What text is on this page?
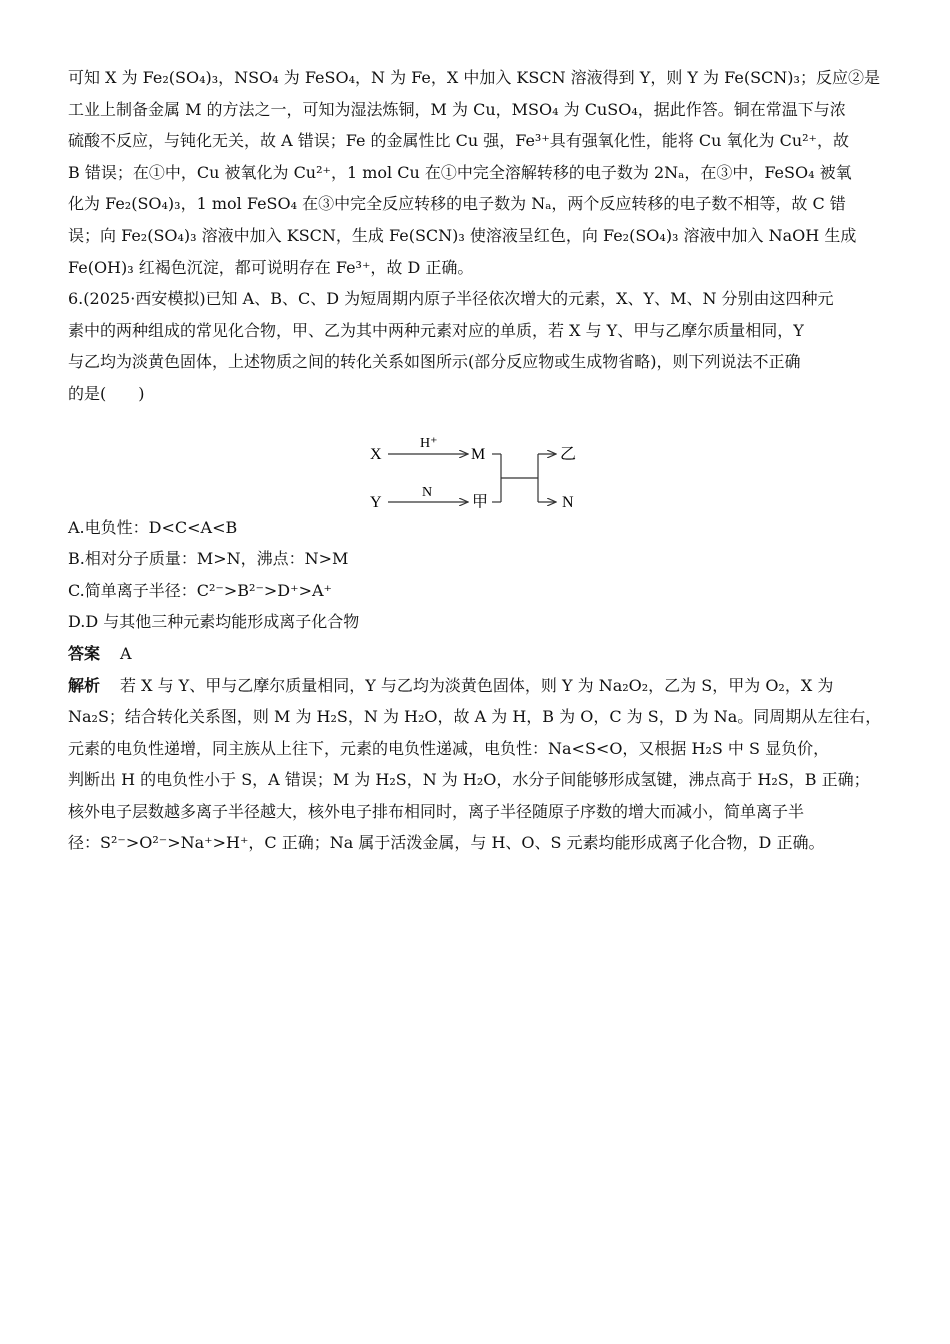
可知 X 为 Fe₂(SO₄)₃，NSO₄ 为 FeSO₄，N 为 Fe，X 中加入 KSCN 溶液得到 Y，则 Y 为 Fe(SCN)₃；反应②是

工业上制备金属 M 的方法之一，可知为湿法炼铜，M 为 Cu，MSO₄ 为 CuSO₄，据此作答。铜在常温下与浓

硫酸不反应，与钝化无关，故 A 错误；Fe 的金属性比 Cu 强，Fe³⁺具有强氧化性，能将 Cu 氧化为 Cu²⁺，故

B 错误；在①中，Cu 被氧化为 Cu²⁺，1 mol Cu 在①中完全溶解转移的电子数为 2Nₐ，在③中，FeSO₄ 被氧

化为 Fe₂(SO₄)₃，1 mol FeSO₄ 在③中完全反应转移的电子数为 Nₐ，两个反应转移的电子数不相等，故 C 错

误；向 Fe₂(SO₄)₃ 溶液中加入 KSCN，生成 Fe(SCN)₃ 使溶液呈红色，向 Fe₂(SO₄)₃ 溶液中加入 NaOH 生成

Fe(OH)₃ 红褐色沉淀，都可说明存在 Fe³⁺，故 D 正确。

6.(2025·西安模拟)已知 A、B、C、D 为短周期内原子半径依次增大的元素，X、Y、M、N 分别由这四种元

素中的两种组成的常见化合物，甲、乙为其中两种元素对应的单质，若 X 与 Y、甲与乙摩尔质量相同，Y

与乙均为淡黄色固体，上述物质之间的转化关系如图所示(部分反应物或生成物省略)，则下列说法不正确

的是(　　)

X
Y
H⁺
N
M
甲
乙
N

A.电负性：D<C<A<B

B.相对分子质量：M>N，沸点：N>M

C.简单离子半径：C²⁻>B²⁻>D⁺>A⁺

D.D 与其他三种元素均能形成离子化合物

答案 A

解析 若 X 与 Y、甲与乙摩尔质量相同，Y 与乙均为淡黄色固体，则 Y 为 Na₂O₂，乙为 S，甲为 O₂，X 为

Na₂S；结合转化关系图，则 M 为 H₂S，N 为 H₂O，故 A 为 H，B 为 O，C 为 S，D 为 Na。同周期从左往右，

元素的电负性递增，同主族从上往下，元素的电负性递减，电负性：Na<S<O，又根据 H₂S 中 S 显负价，

判断出 H 的电负性小于 S，A 错误；M 为 H₂S，N 为 H₂O，水分子间能够形成氢键，沸点高于 H₂S，B 正确；

核外电子层数越多离子半径越大，核外电子排布相同时，离子半径随原子序数的增大而减小，简单离子半

径：S²⁻>O²⁻>Na⁺>H⁺，C 正确；Na 属于活泼金属，与 H、O、S 元素均能形成离子化合物，D 正确。
